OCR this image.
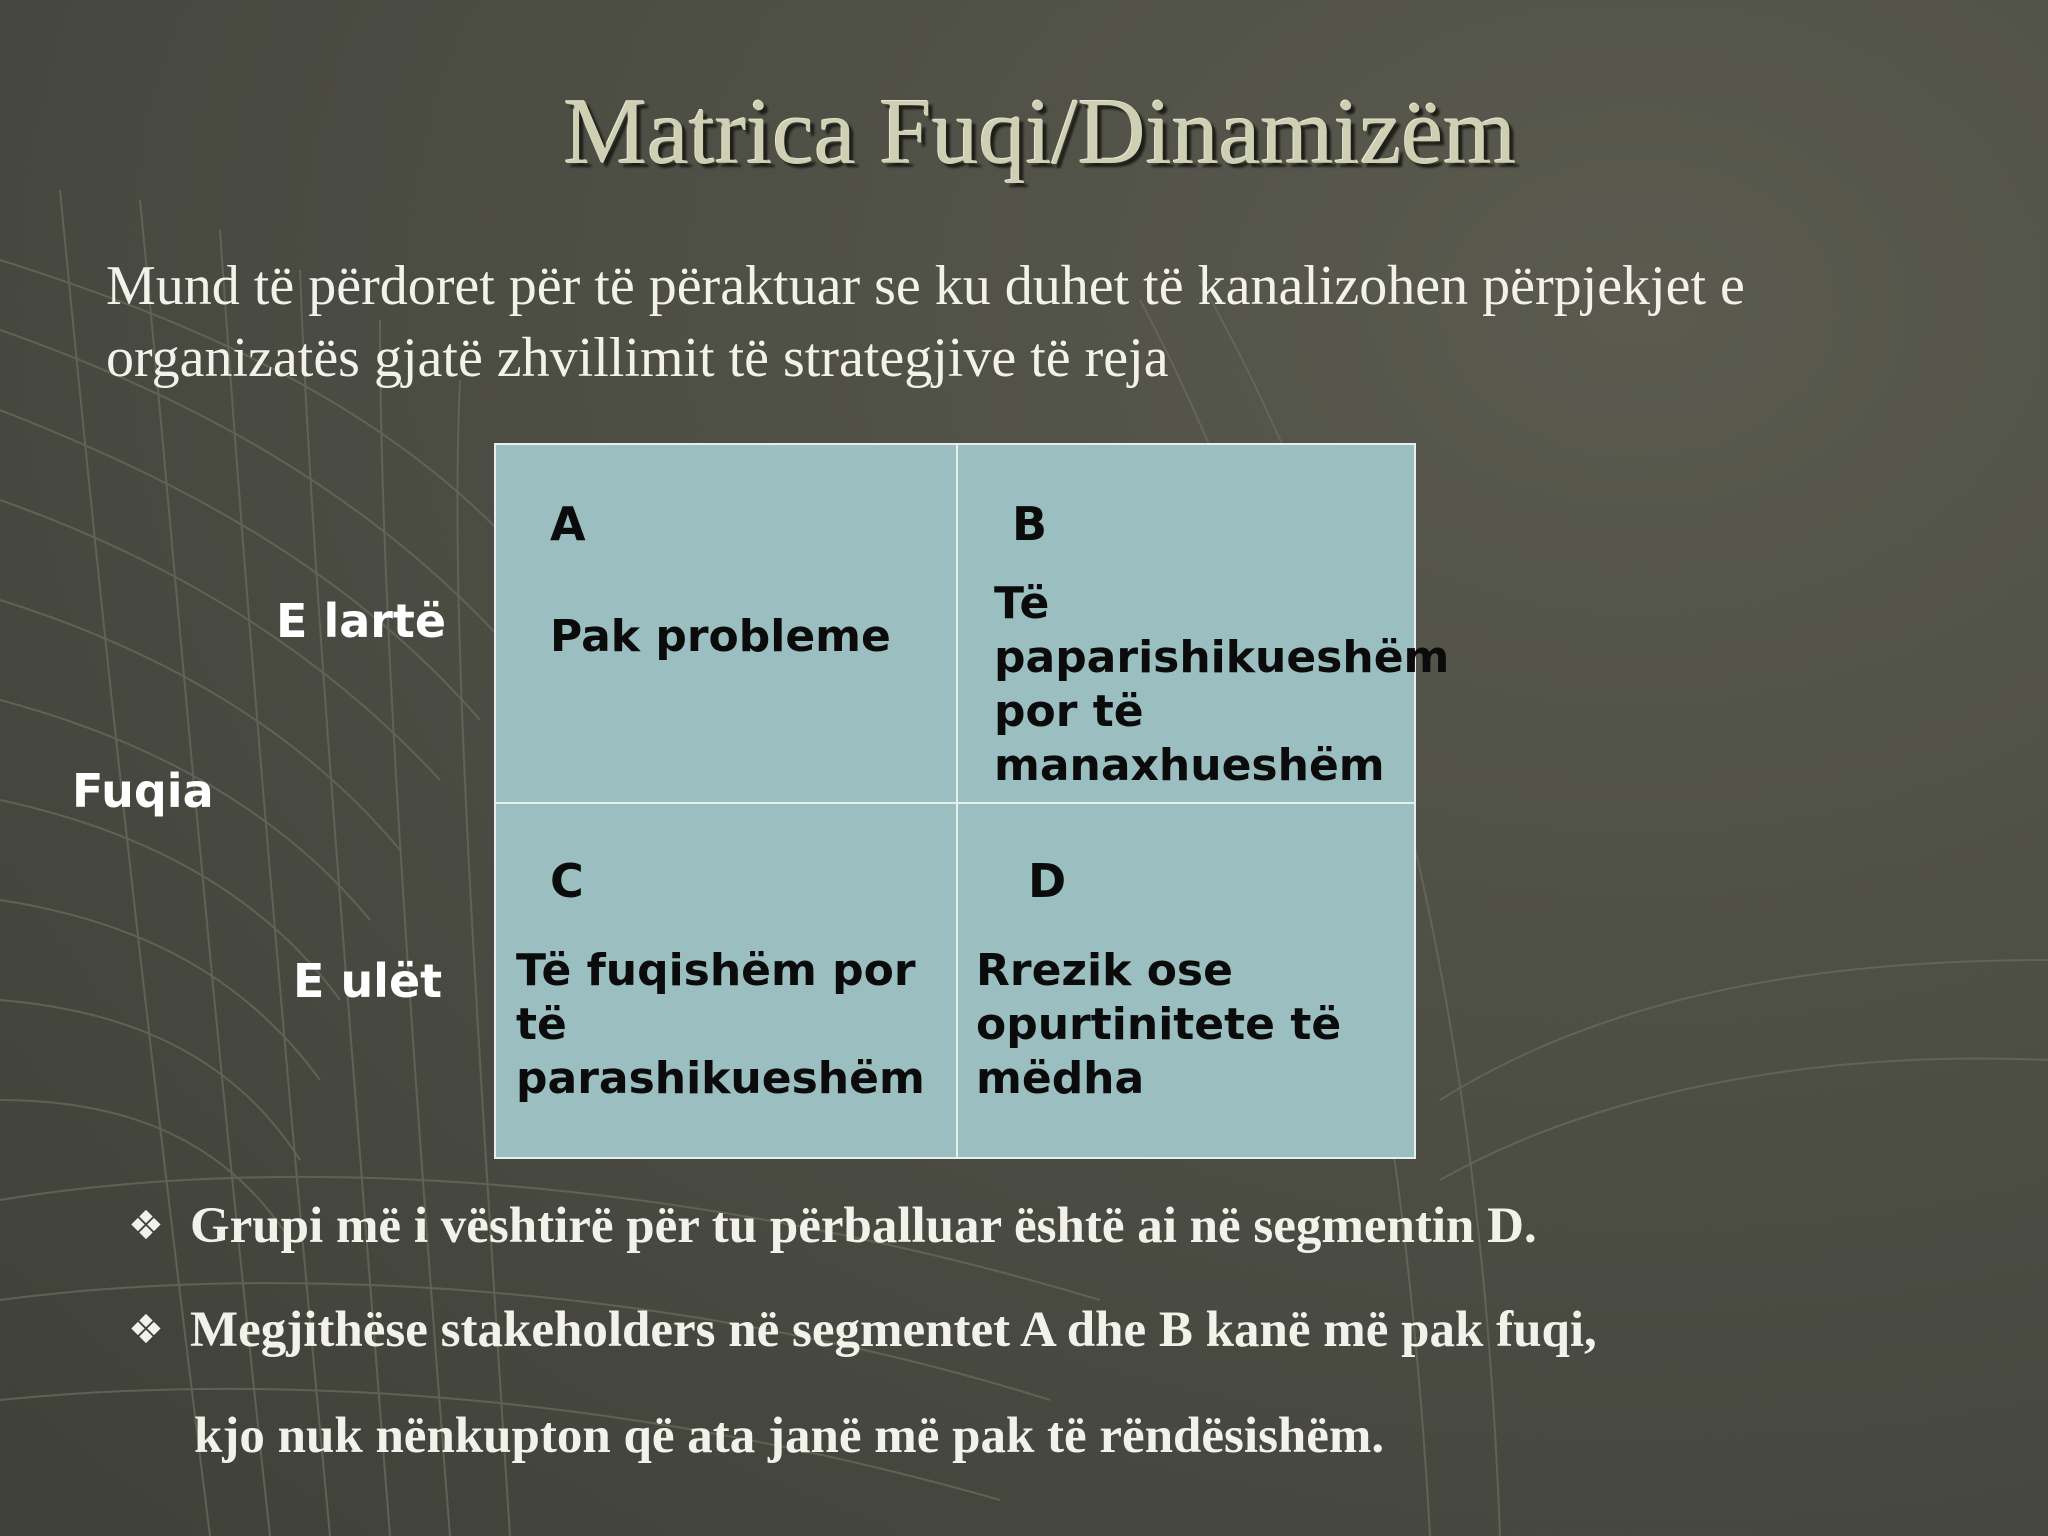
Matrica Fuqi/Dinamizëm
Mund të përdoret për të përaktuar se ku duhet të kanalizohen përpjekjet e
organizatës gjatë zhvillimit të strategjive të reja
E lartë
Fuqia
E ulët
A
Pak probleme
B
Të
paparishikueshëm
por të
manaxhueshëm
C
Të fuqishëm por të
parashikueshëm
D
Rrezik ose
opurtinitete të
mëdha
❖ Grupi më i vështirë për tu përballuar është ai në segmentin D.
❖ Megjithëse stakeholders në segmentet A dhe B kanë më pak fuqi,
kjo nuk nënkupton që ata janë më pak të rëndësishëm.
